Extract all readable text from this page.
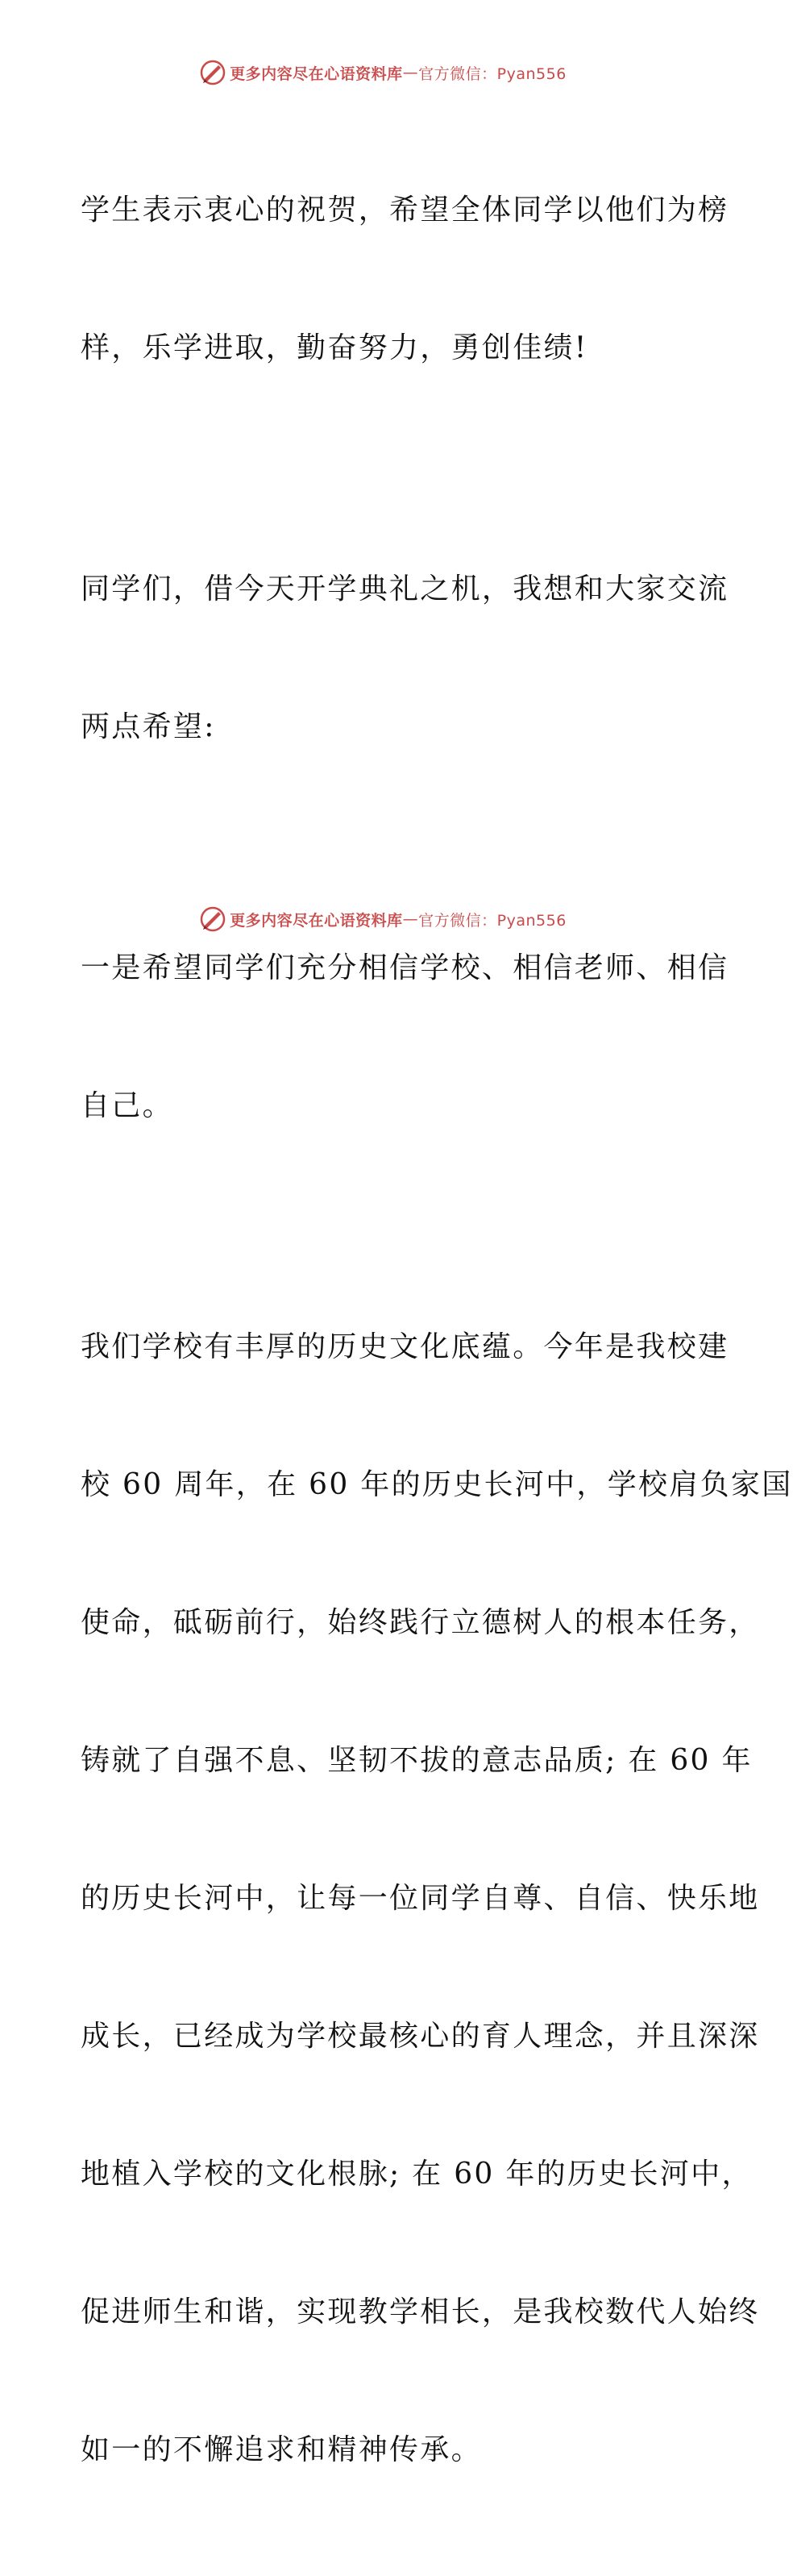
更多内容尽在心语资料库 — 官方微信：Pyan556

学生表示衷心的祝贺，希望全体同学以他们为榜

样，乐学进取，勤奋努力，勇创佳绩!

同学们，借今天开学典礼之机，我想和大家交流

两点希望:

一是希望同学们充分相信学校、相信老师、相信

自己。

我们学校有丰厚的历史文化底蕴。今年是我校建

校 60 周年，在 60 年的历史长河中，学校肩负家国

使命，砥砺前行，始终践行立德树人的根本任务，

铸就了自强不息、坚韧不拔的意志品质; 在 60 年

的历史长河中，让每一位同学自尊、自信、快乐地

成长，已经成为学校最核心的育人理念，并且深深

地植入学校的文化根脉; 在 60 年的历史长河中，

促进师生和谐，实现教学相长，是我校数代人始终

如一的不懈追求和精神传承。

更多内容尽在心语资料库 — 官方微信：Pyan556
